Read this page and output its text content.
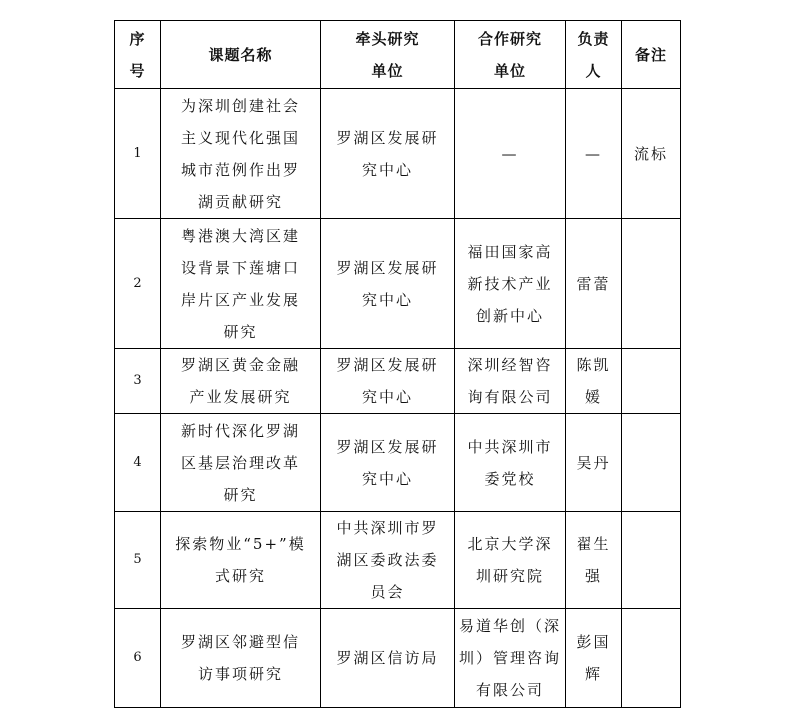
序
号	课题名称	牵头研究
单位	合作研究
单位	负责
人	备注

1	为深圳创建社会
主义现代化强国
城市范例作出罗
湖贡献研究	罗湖区发展研
究中心	—	—	流标

2	粤港澳大湾区建
设背景下莲塘口
岸片区产业发展
研究	罗湖区发展研
究中心	福田国家高
新技术产业
创新中心	雷蕾	

3	罗湖区黄金金融
产业发展研究	罗湖区发展研
究中心	深圳经智咨
询有限公司	陈凯
媛	

4	新时代深化罗湖
区基层治理改革
研究	罗湖区发展研
究中心	中共深圳市
委党校	吴丹	

5	探索物业“5+”模
式研究	中共深圳市罗
湖区委政法委
员会	北京大学深
圳研究院	翟生
强	

6	罗湖区邻避型信
访事项研究	罗湖区信访局	易道华创（深
圳）管理咨询
有限公司	彭国
辉	
